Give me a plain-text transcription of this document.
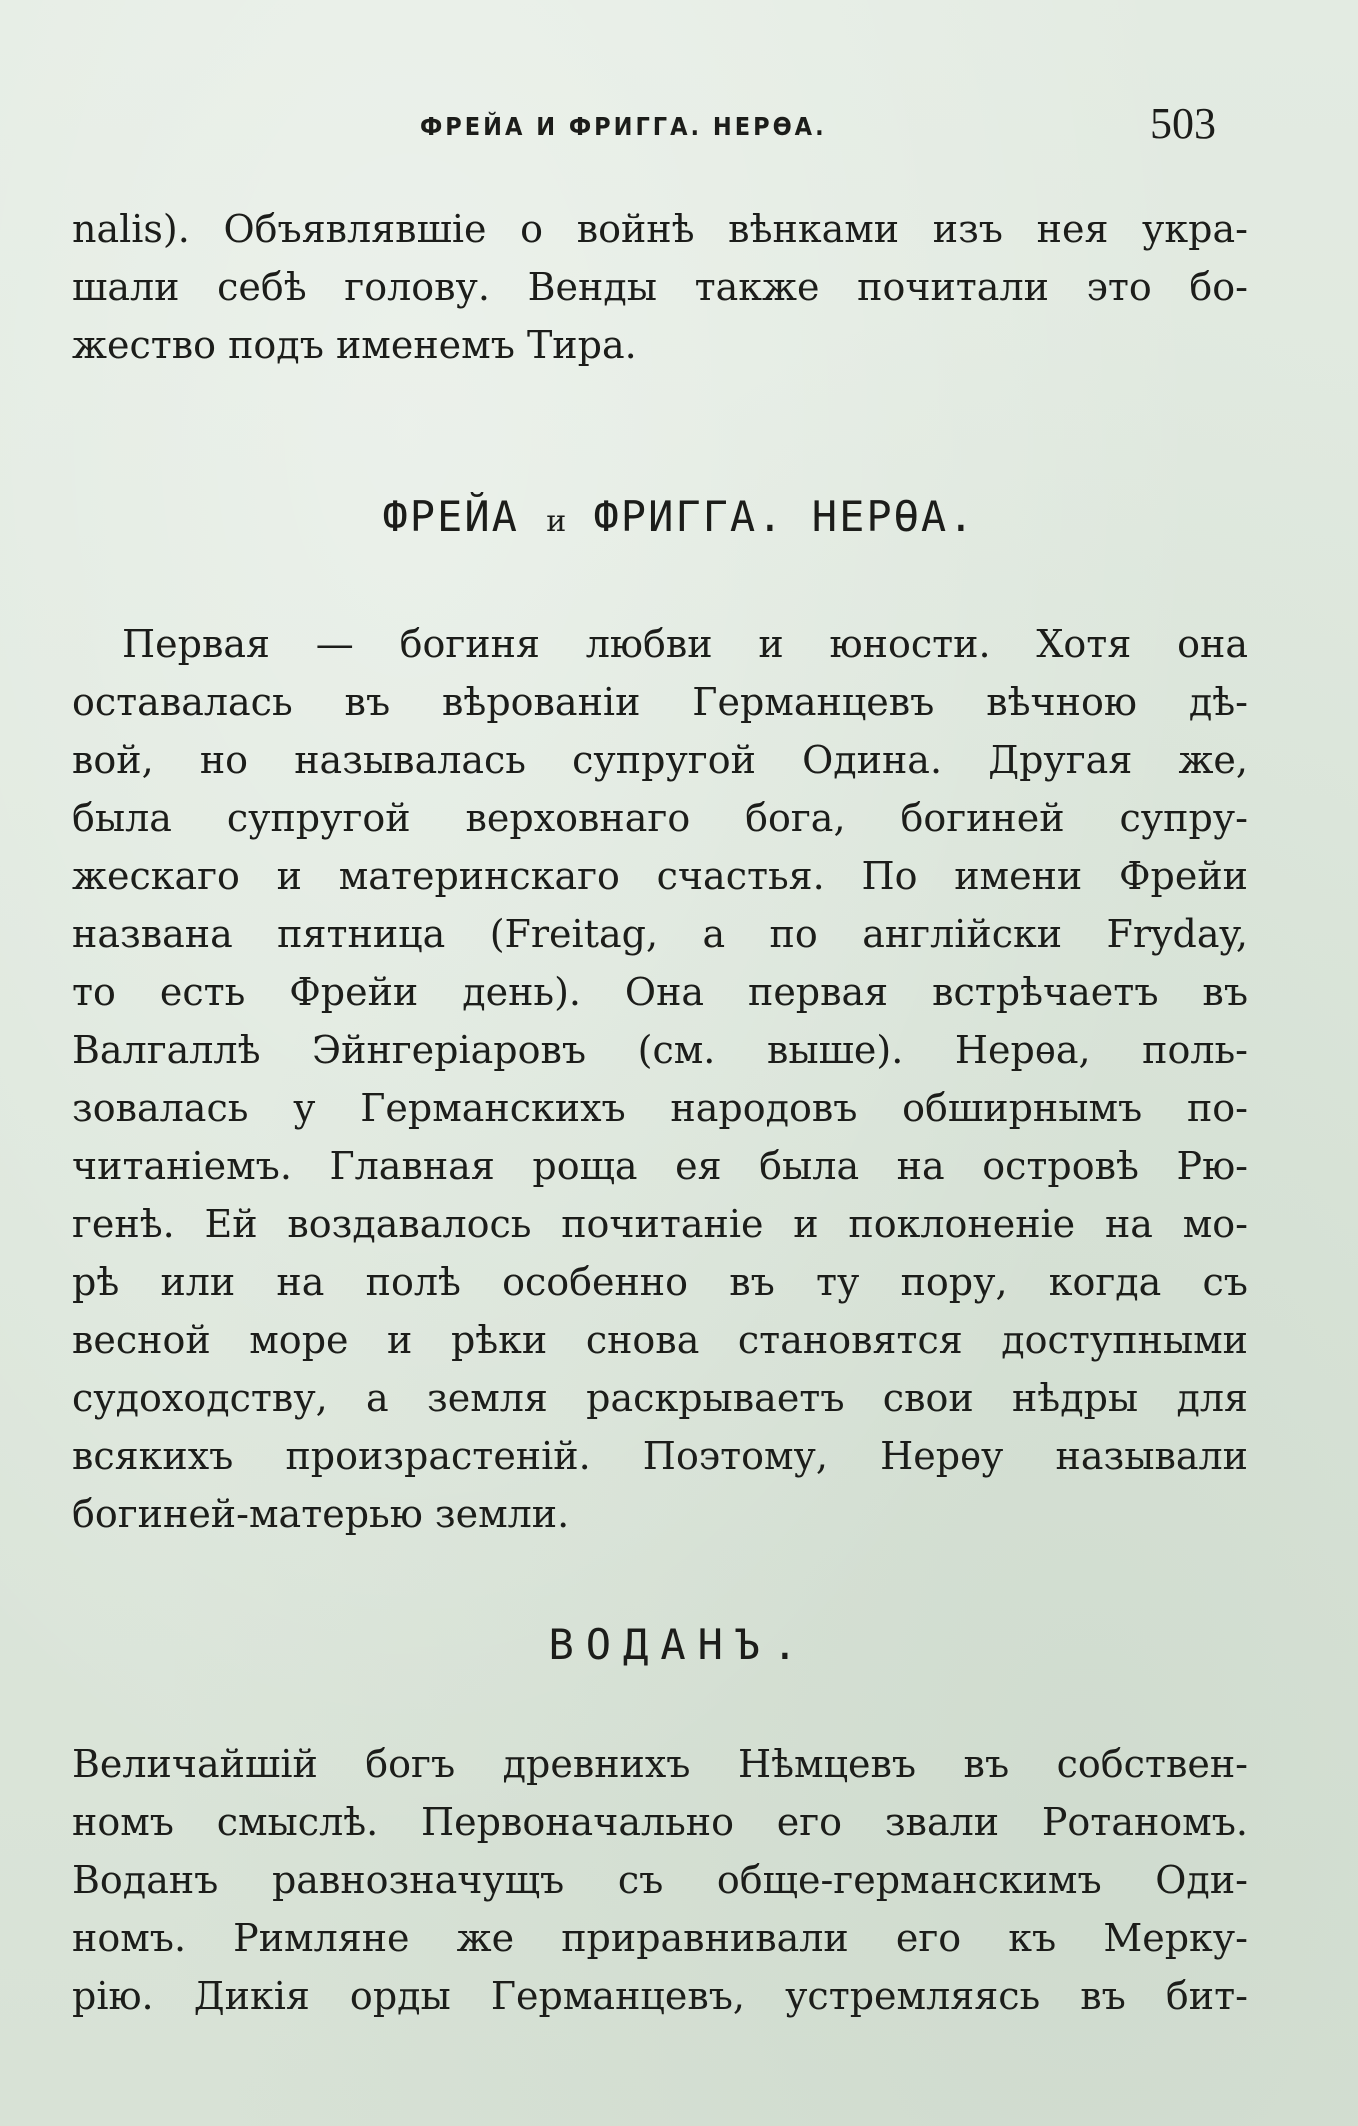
ФРЕЙА И ФРИГГА. НЕРѲА.	503
nalis). Объявлявшіе о войнѣ вѣнками изъ нея укра-
шали себѣ голову. Венды также почитали это бо-
жество подъ именемъ Тира.
ФРЕЙА и ФРИГГА. НЕРѲА.
Первая — богиня любви и юности. Хотя она
оставалась въ вѣрованіи Германцевъ вѣчною дѣ-
вой, но называлась супругой Одина. Другая же,
была супругой верховнаго бога, богиней супру-
жескаго и материнскаго счастья. По имени Фрейи
названа пятница (Freitag, а по англійски Fryday,
то есть Фрейи день). Она первая встрѣчаетъ въ
Валгаллѣ Эйнгеріаровъ (см. выше). Нерѳа, поль-
зовалась у Германскихъ народовъ обширнымъ по-
читаніемъ. Главная роща ея была на островѣ Рю-
генѣ. Ей воздавалось почитаніе и поклоненіе на мо-
рѣ или на полѣ особенно въ ту пору, когда съ
весной море и рѣки снова становятся доступными
судоходству, а земля раскрываетъ свои нѣдры для
всякихъ произрастеній. Поэтому, Нерѳу называли
богиней-матерью земли.
ВОДАНЪ.
Величайшій богъ древнихъ Нѣмцевъ въ собствен-
номъ смыслѣ. Первоначально его звали Ротаномъ.
Воданъ равнозначущъ съ обще-германскимъ Оди-
номъ. Римляне же приравнивали его къ Мерку-
рію. Дикія орды Германцевъ, устремляясь въ бит-
